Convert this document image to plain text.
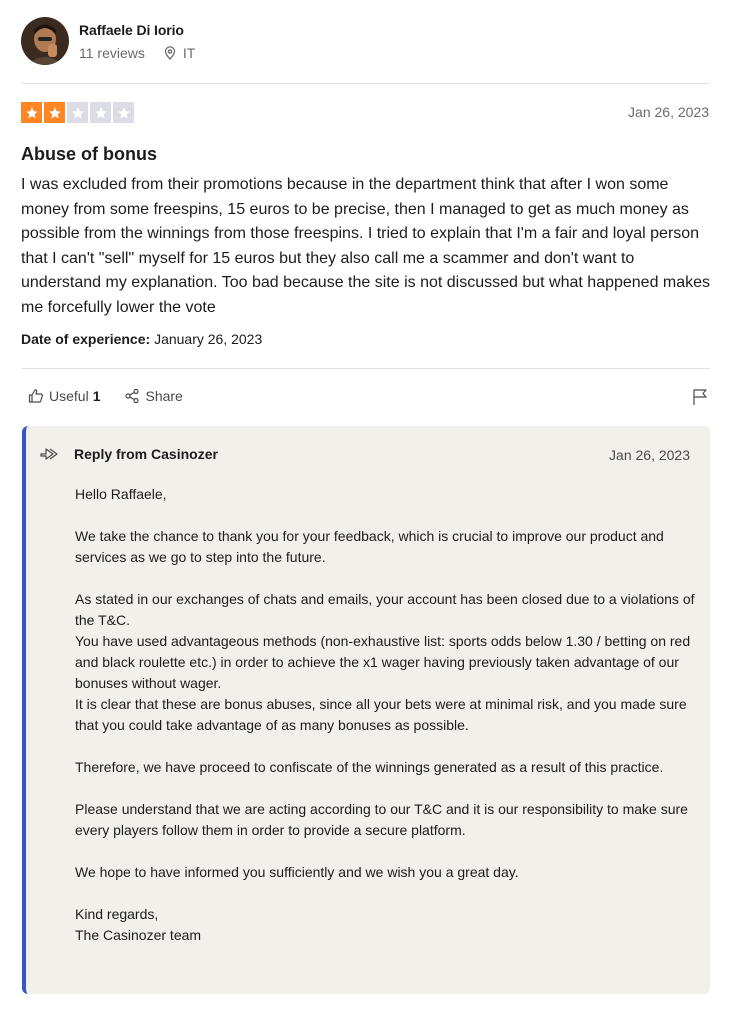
Raffaele Di Iorio
11 reviews	IT
Jan 26, 2023
Abuse of bonus
I was excluded from their promotions because in the department think that after I won some money from some freespins, 15 euros to be precise, then I managed to get as much money as possible from the winnings from those freespins. I tried to explain that I'm a fair and loyal person that I can't "sell" myself for 15 euros but they also call me a scammer and don't want to understand my explanation. Too bad because the site is not discussed but what happened makes me forcefully lower the vote
Date of experience: January 26, 2023
Useful 1	Share
Reply from Casinozer	Jan 26, 2023

Hello Raffaele,

We take the chance to thank you for your feedback, which is crucial to improve our product and services as we go to step into the future.

As stated in our exchanges of chats and emails, your account has been closed due to a violations of the T&C.
You have used advantageous methods (non-exhaustive list: sports odds below 1.30 / betting on red and black roulette etc.) in order to achieve the x1 wager having previously taken advantage of our bonuses without wager.
It is clear that these are bonus abuses, since all your bets were at minimal risk, and you made sure that you could take advantage of as many bonuses as possible.

Therefore, we have proceed to confiscate of the winnings generated as a result of this practice.

Please understand that we are acting according to our T&C and it is our responsibility to make sure every players follow them in order to provide a secure platform.

We hope to have informed you sufficiently and we wish you a great day.

Kind regards,
The Casinozer team
